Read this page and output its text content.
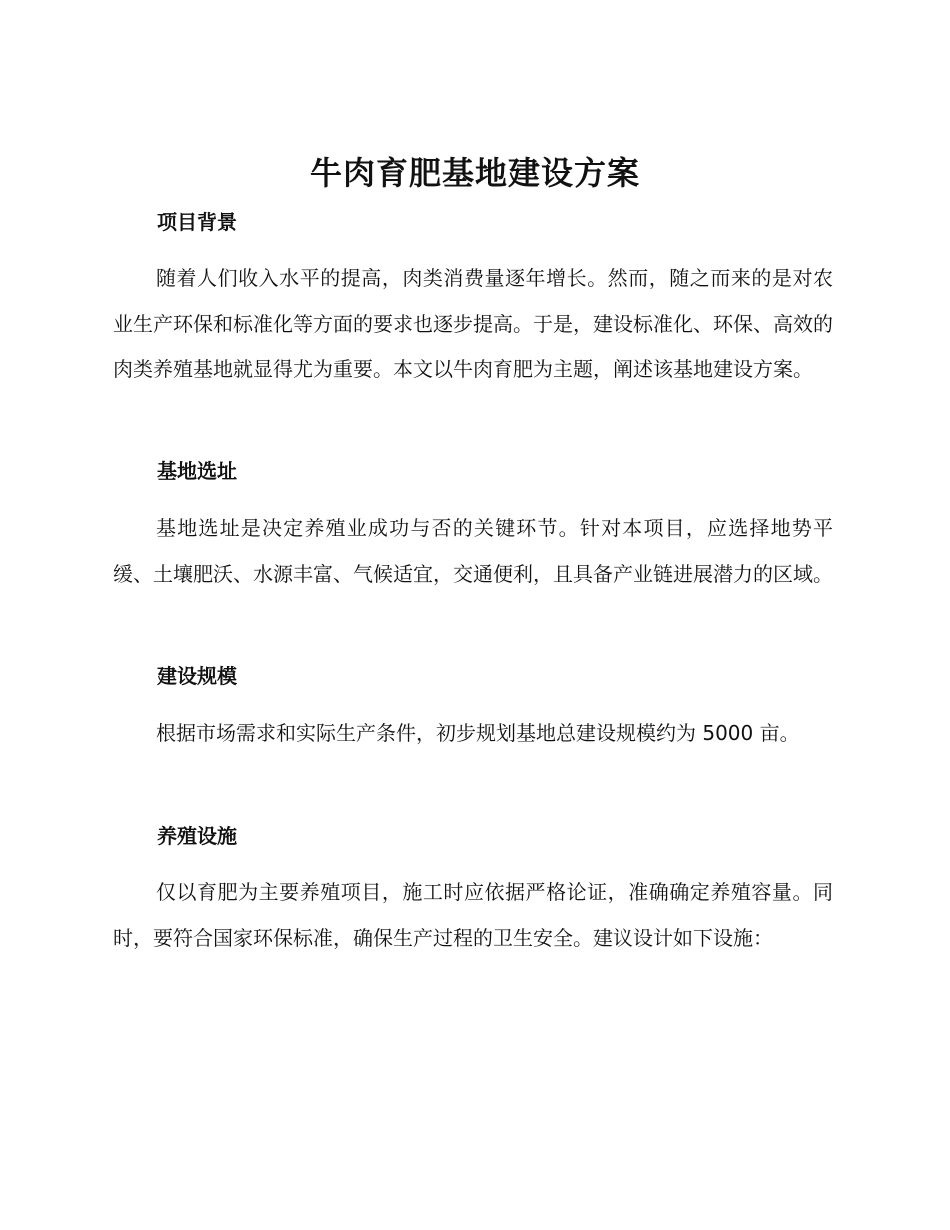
牛肉育肥基地建设方案
项目背景
随着人们收入水平的提高，肉类消费量逐年增长。然而，随之而来的是对农业生产环保和标准化等方面的要求也逐步提高。于是，建设标准化、环保、高效的肉类养殖基地就显得尤为重要。本文以牛肉育肥为主题，阐述该基地建设方案。
基地选址
基地选址是决定养殖业成功与否的关键环节。针对本项目，应选择地势平缓、土壤肥沃、水源丰富、气候适宜，交通便利，且具备产业链进展潜力的区域。
建设规模
根据市场需求和实际生产条件，初步规划基地总建设规模约为 5000 亩。
养殖设施
仅以育肥为主要养殖项目，施工时应依据严格论证，准确确定养殖容量。同时，要符合国家环保标准，确保生产过程的卫生安全。建议设计如下设施：
